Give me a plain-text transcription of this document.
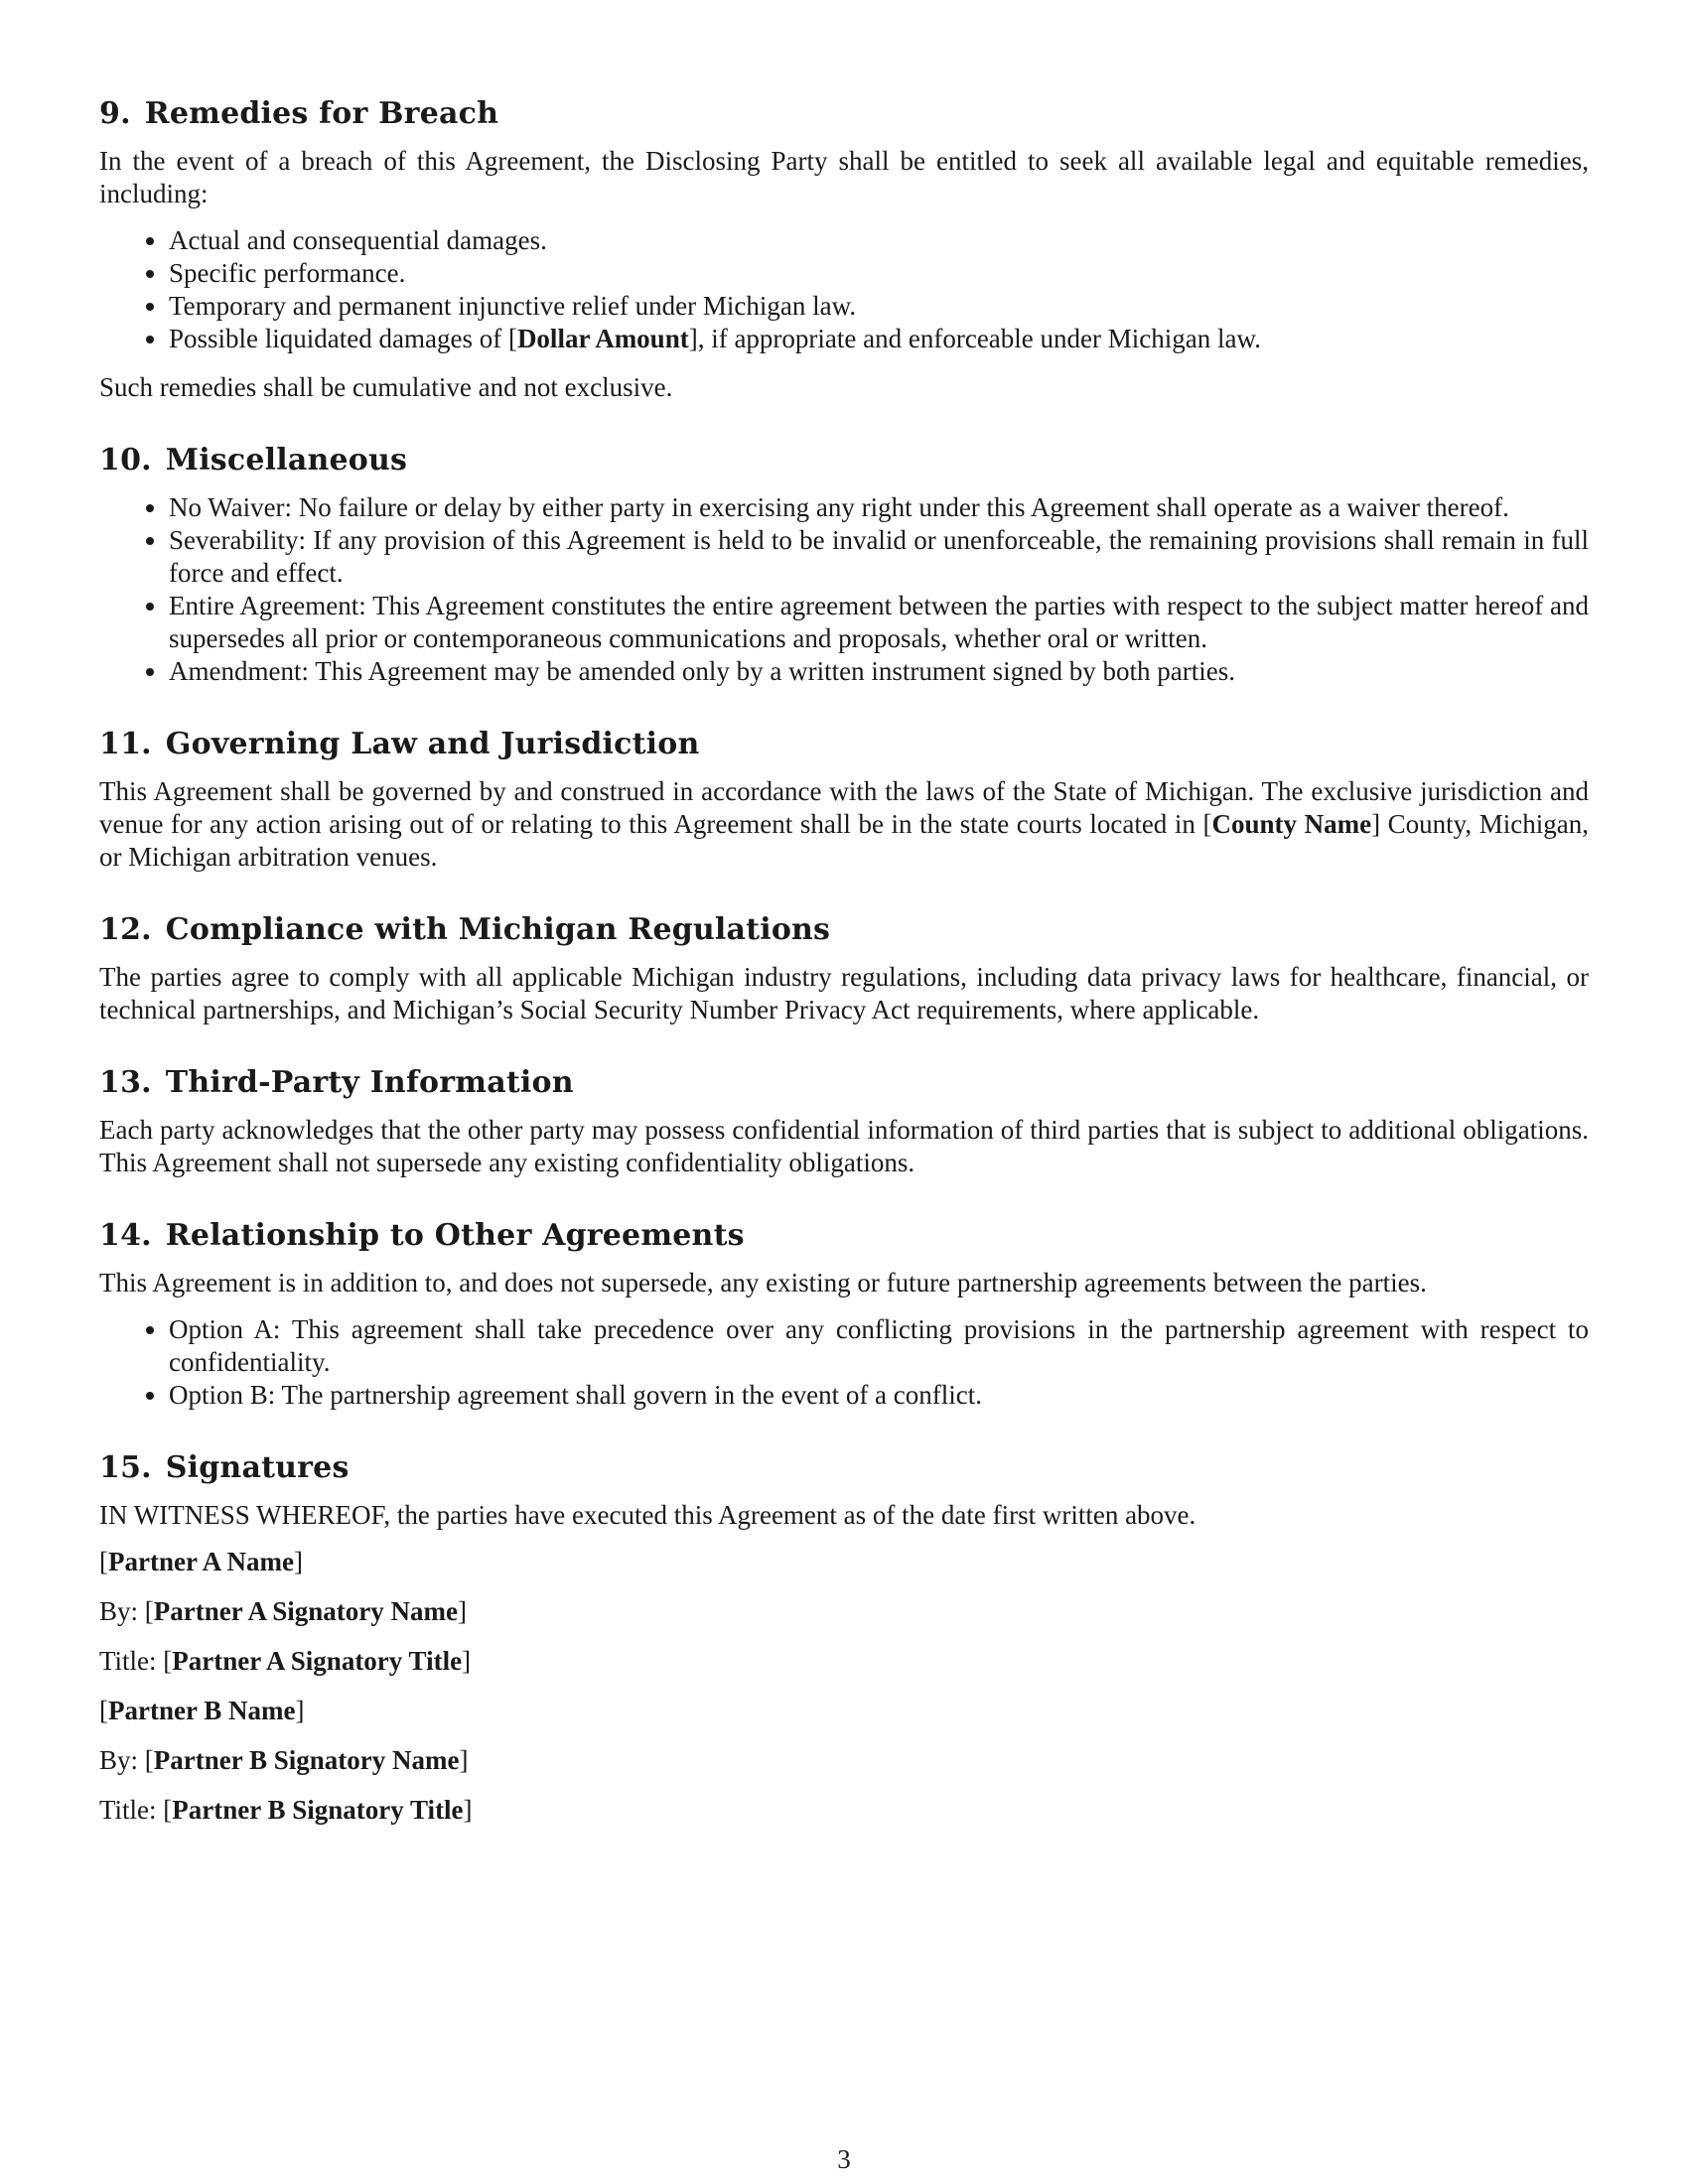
9. Remedies for Breach

In the event of a breach of this Agreement, the Disclosing Party shall be entitled to seek all available legal and equitable remedies, including:

• Actual and consequential damages.
• Specific performance.
• Temporary and permanent injunctive relief under Michigan law.
• Possible liquidated damages of [Dollar Amount], if appropriate and enforceable under Michigan law.

Such remedies shall be cumulative and not exclusive.

10. Miscellaneous
• No Waiver: No failure or delay by either party in exercising any right under this Agreement shall operate as a waiver thereof.
• Severability: If any provision of this Agreement is held to be invalid or unenforceable, the remaining provisions shall remain in full force and effect.
• Entire Agreement: This Agreement constitutes the entire agreement between the parties with respect to the subject matter hereof and supersedes all prior or contemporaneous communications and proposals, whether oral or written.
• Amendment: This Agreement may be amended only by a written instrument signed by both parties.
11. Governing Law and Jurisdiction

This Agreement shall be governed by and construed in accordance with the laws of the State of Michigan. The exclusive jurisdiction and venue for any action arising out of or relating to this Agreement shall be in the state courts located in [County Name] County, Michigan, or Michigan arbitration venues.

12. Compliance with Michigan Regulations

The parties agree to comply with all applicable Michigan industry regulations, including data privacy laws for healthcare, financial, or technical partnerships, and Michigan’s Social Security Number Privacy Act requirements, where applicable.

13. Third-Party Information

Each party acknowledges that the other party may possess confidential information of third parties that is subject to additional obligations. This Agreement shall not supersede any existing confidentiality obligations.

14. Relationship to Other Agreements

This Agreement is in addition to, and does not supersede, any existing or future partnership agreements between the parties.

• Option A: This agreement shall take precedence over any conflicting provisions in the partnership agreement with respect to confidentiality.
• Option B: The partnership agreement shall govern in the event of a conflict.
15. Signatures

IN WITNESS WHEREOF, the parties have executed this Agreement as of the date first written above.

[Partner A Name]
By: [Partner A Signatory Name]
Title: [Partner A Signatory Title]
[Partner B Name]
By: [Partner B Signatory Name]
Title: [Partner B Signatory Title]
3
